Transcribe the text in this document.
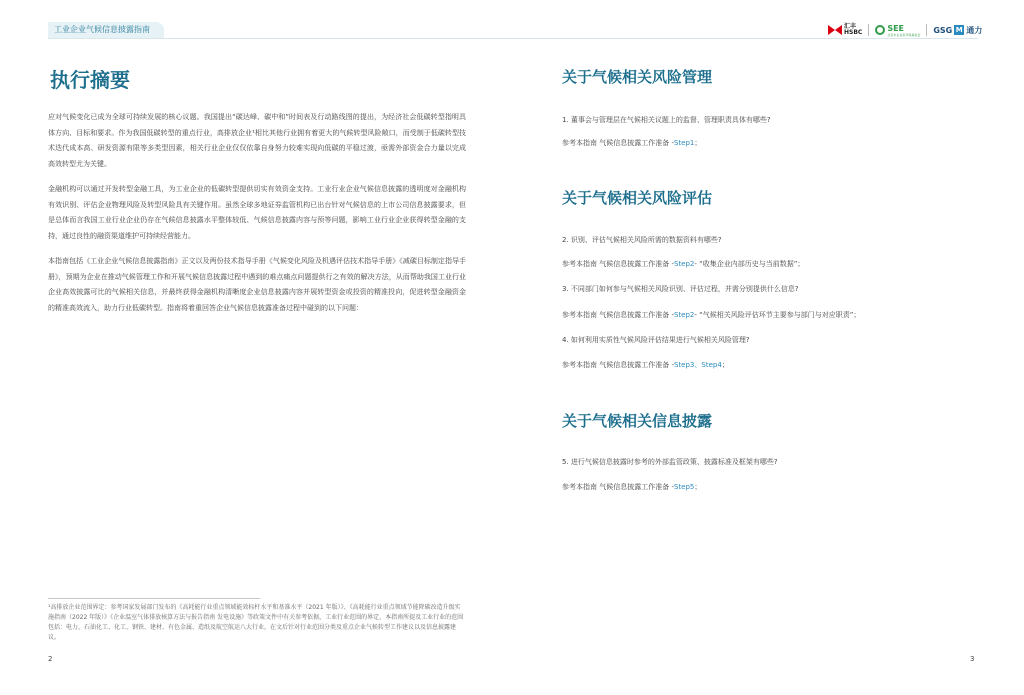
工业企业气候信息披露指南	汇丰
HSBC	SEE
北京市企业家环保基金会 GSG M 通力
执行摘要

应对气候变化已成为全球可持续发展的核心议题。我国提出“碳达峰、碳中和”时间表及行动路线图的提出，为经济社会低碳转型指明具体方向、目标和要求。作为我国低碳转型的重点行业，高排放企业¹相比其他行业拥有着更大的气候转型风险敞口，而受制于低碳转型技术迭代成本高、研发资源有限等多类型因素，相关行业企业仅仅依靠自身努力较难实现向低碳的平稳过渡，亟需外部资金合力量以完成高效转型尤为关键。

金融机构可以通过开发转型金融工具，为工业企业的低碳转型提供切实有效资金支持。工业行业企业气候信息披露的透明度对金融机构有效识别、评估企业物理风险及转型风险具有关键作用。虽然全球多地证券监管机构已出台针对气候信息的上市公司信息披露要求，但是总体而言我国工业行业企业仍存在气候信息披露水平整体较低、气候信息披露内容与预等问题，影响工业行业企业获得转型金融的支持，通过良性的融资渠道维护可持续经营能力。

本指南包括《工业企业气候信息披露指南》正文以及两份技术指导手册《气候变化风险及机遇评估技术指导手册》《减碳目标制定指导手册》，预期为企业在推动气候管理工作和开展气候信息披露过程中遇到的难点痛点问题提供行之有效的解决方法，从而帮助我国工业行业企业高效披露可比的气候相关信息，并最终获得金融机构清晰度企业信息披露内容并展转型资金或投资的精准投向，促进转型金融资金的精准高效流入，助力行业低碳转型。指南将着重回答企业气候信息披露准备过程中碰到的以下问题：

¹高排放企业范围界定：参考国家发展部门发布的《高耗能行业重点领域能效标杆水平和基准水平（2021 年版）》、《高耗能行业重点领域节能降碳改造升级实施指南（2022 年版）》《企业温室气体排放核算方法与报告指南 发电设施》等政策文件中有关参考依据，工业行业范围的界定，本指南所提及工业行业的范围包括：电力、石油化工、化工、钢铁、建材、有色金属、造纸及航空航运八大行业，在文后针对行业范围分类及重点企业气候转型工作建议以及信息披露建议。

2
关于气候相关风险管理

1. 董事会与管理层在气候相关议题上的监督、管理职责具体有哪些?

参考本指南 气候信息披露工作准备 -Step1；

关于气候相关风险评估

2. 识别、评估气候相关风险所需的数据资料有哪些?

参考本指南 气候信息披露工作准备 -Step2- “收集企业内部历史与当前数据”；

3. 不同部门如何参与气候相关风险识别、评估过程，并需分别提供什么信息?

参考本指南 气候信息披露工作准备 -Step2- “气候相关风险评估环节主要参与部门与对应职责”；

4. 如何利用实质性气候风险评估结果进行气候相关风险管理?

参考本指南 气候信息披露工作准备 -Step3、Step4；

关于气候相关信息披露

5. 进行气候信息披露时参考的外部监管政策、披露标准及框架有哪些?

参考本指南 气候信息披露工作准备 -Step5；

3
